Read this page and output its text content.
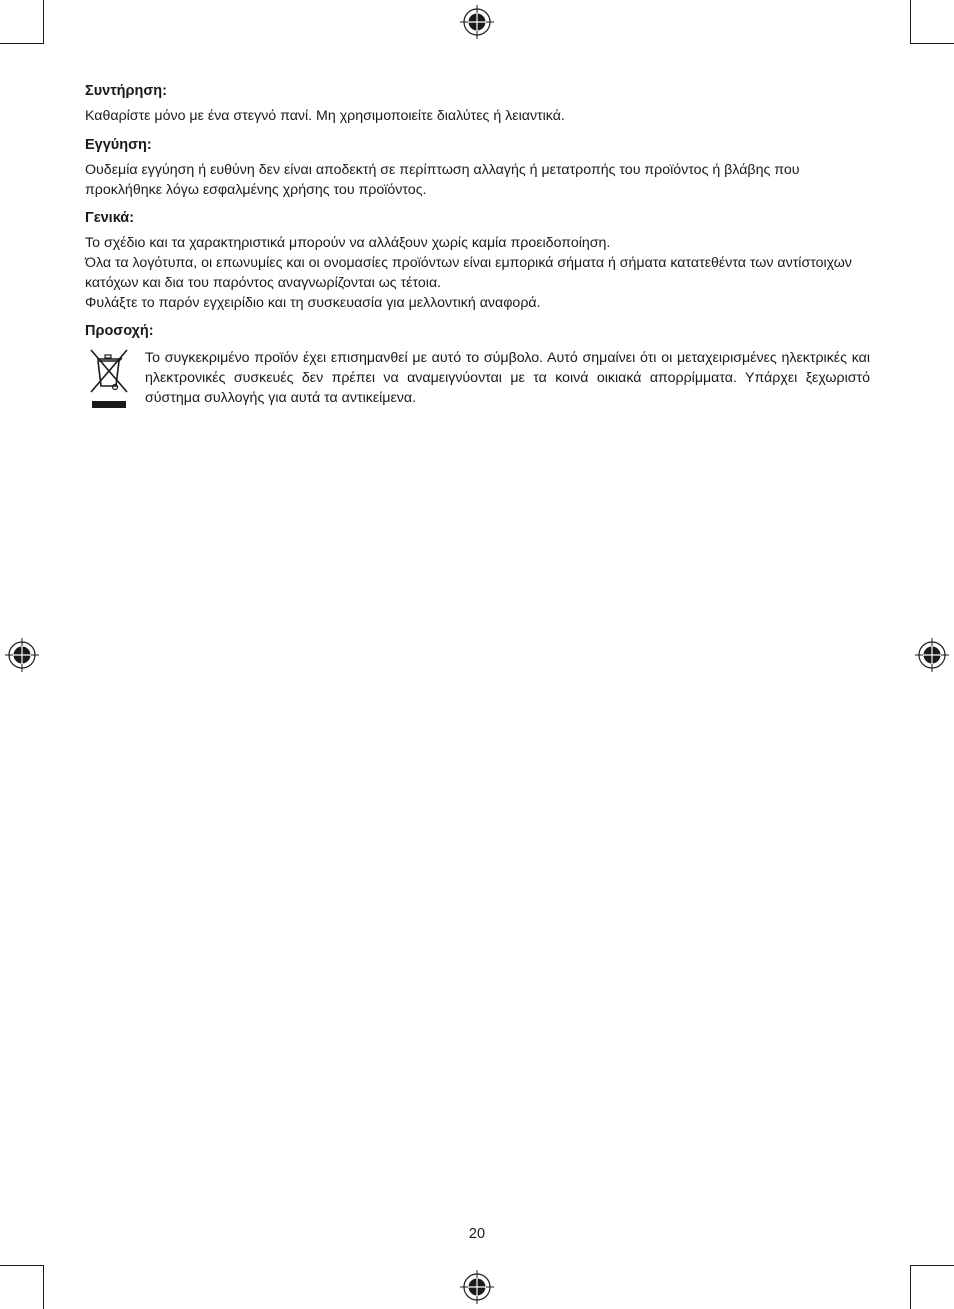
Συντήρηση:

Καθαρίστε μόνο με ένα στεγνό πανί. Μη χρησιμοποιείτε διαλύτες ή λειαντικά.

Εγγύηση:

Ουδεμία εγγύηση ή ευθύνη δεν είναι αποδεκτή σε περίπτωση αλλαγής ή μετατροπής του προϊόντος ή βλάβης που προκλήθηκε λόγω εσφαλμένης χρήσης του προϊόντος.

Γενικά:

Το σχέδιο και τα χαρακτηριστικά μπορούν να αλλάξουν χωρίς καμία προειδοποίηση.

Όλα τα λογότυπα, οι επωνυμίες και οι ονομασίες προϊόντων είναι εμπορικά σήματα ή σήματα κατατεθέντα των αντίστοιχων κατόχων και δια του παρόντος αναγνωρίζονται ως τέτοια.

Φυλάξτε το παρόν εγχειρίδιο και τη συσκευασία για μελλοντική αναφορά.

Προσοχή:
Το συγκεκριμένο προϊόν έχει επισημανθεί με αυτό το σύμβολο. Αυτό σημαίνει ότι οι μεταχειρισμένες ηλεκτρικές και ηλεκτρονικές συσκευές δεν πρέπει να αναμειγνύονται με τα κοινά οικιακά απορρίμματα. Υπάρχει ξεχωριστό σύστημα συλλογής για αυτά τα αντικείμενα.
20
